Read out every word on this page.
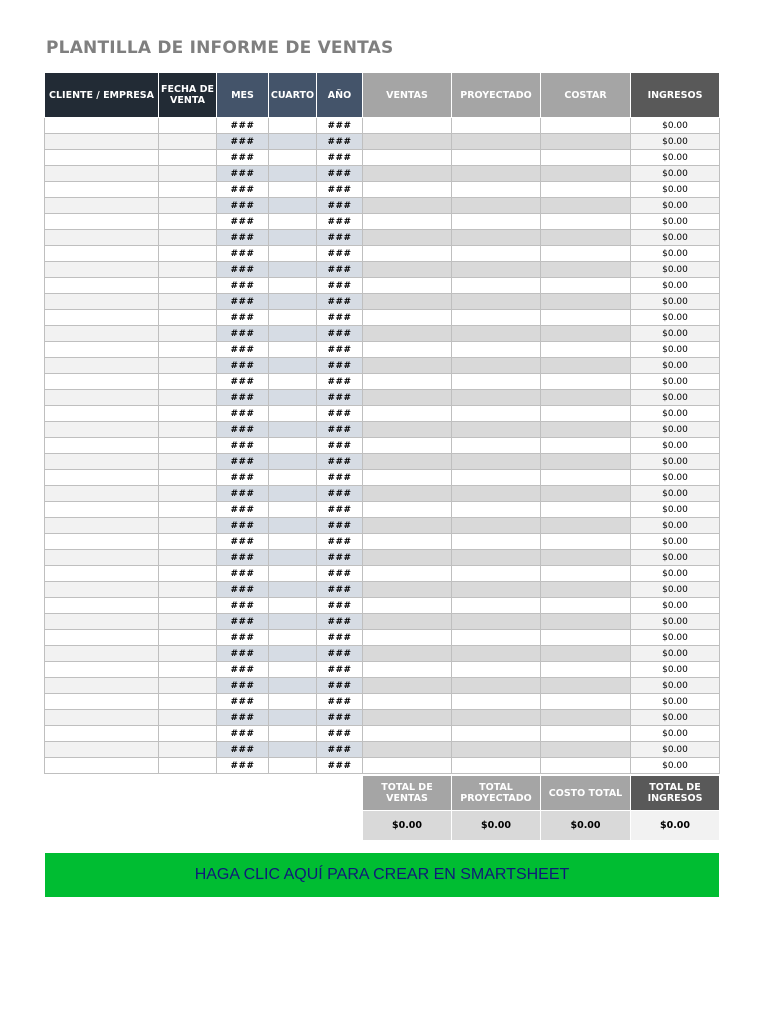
PLANTILLA DE INFORME DE VENTAS
CLIENTE / EMPRESA	FECHA DE VENTA	MES	CUARTO	AÑO	VENTAS	PROYECTADO	COSTAR	INGRESOS
		###		###				$0.00
		###		###				$0.00
		###		###				$0.00
		###		###				$0.00
		###		###				$0.00
		###		###				$0.00
		###		###				$0.00
		###		###				$0.00
		###		###				$0.00
		###		###				$0.00
		###		###				$0.00
		###		###				$0.00
		###		###				$0.00
		###		###				$0.00
		###		###				$0.00
		###		###				$0.00
		###		###				$0.00
		###		###				$0.00
		###		###				$0.00
		###		###				$0.00
		###		###				$0.00
		###		###				$0.00
		###		###				$0.00
		###		###				$0.00
		###		###				$0.00
		###		###				$0.00
		###		###				$0.00
		###		###				$0.00
		###		###				$0.00
		###		###				$0.00
		###		###				$0.00
		###		###				$0.00
		###		###				$0.00
		###		###				$0.00
		###		###				$0.00
		###		###				$0.00
		###		###				$0.00
		###		###				$0.00
		###		###				$0.00
		###		###				$0.00
		###		###				$0.00
TOTAL DE VENTAS	TOTAL PROYECTADO	COSTO TOTAL	TOTAL DE INGRESOS
$0.00	$0.00	$0.00	$0.00
HAGA CLIC AQUÍ PARA CREAR EN SMARTSHEET
